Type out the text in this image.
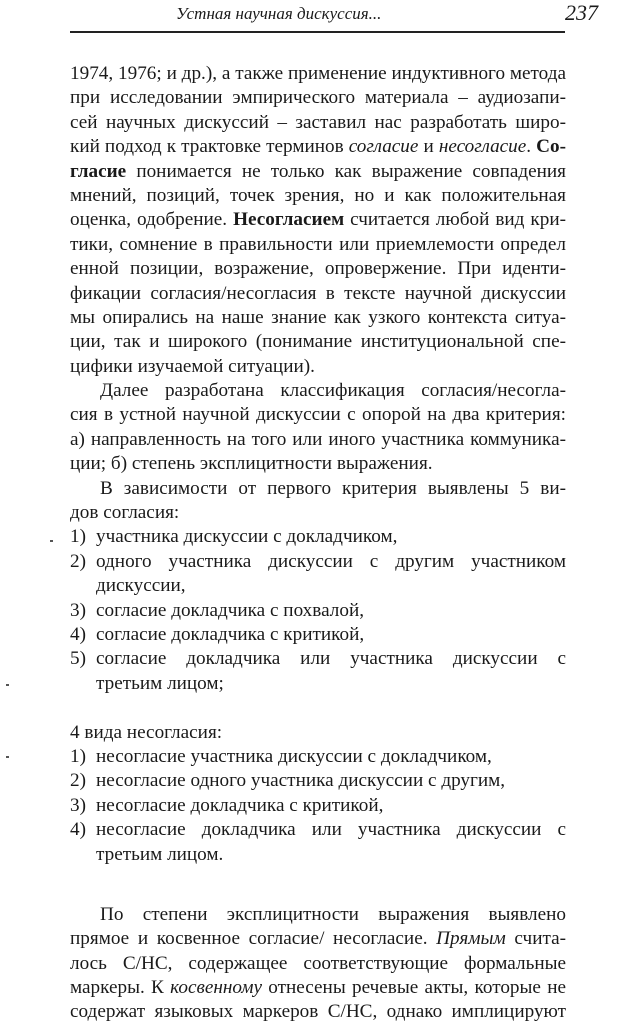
Устная научная дискуссия...	237
1974, 1976; и др.), а также применение индуктивного метода
при исследовании эмпирического материала – аудиозапи-
сей научных дискуссий – заставил нас разработать широ-
кий подход к трактовке терминов согласие и несогласие. Со-
гласие понимается не только как выражение совпадения
мнений, позиций, точек зрения, но и как положительная
оценка, одобрение. Несогласием считается любой вид кри-
тики, сомнение в правильности или приемлемости определ
енной позиции, возражение, опровержение. При иденти-
фикации согласия/несогласия в тексте научной дискуссии
мы опирались на наше знание как узкого контекста ситуа-
ции, так и широкого (понимание институциональной спе-
цифики изучаемой ситуации).
Далее разработана классификация согласия/несогла-
сия в устной научной дискуссии с опорой на два критерия:
а) направленность на того или иного участника коммуника-
ции; б) степень эксплицитности выражения.
В зависимости от первого критерия выявлены 5 ви-
дов согласия:
1) участника дискуссии с докладчиком,
2) одного участника дискуссии с другим участником
дискуссии,
3) согласие докладчика с похвалой,
4) согласие докладчика с критикой,
5) согласие докладчика или участника дискуссии с
третьим лицом;
4 вида несогласия:
1) несогласие участника дискуссии с докладчиком,
2) несогласие одного участника дискуссии с другим,
3) несогласие докладчика с критикой,
4) несогласие докладчика или участника дискуссии с
третьим лицом.
По степени эксплицитности выражения выявлено
прямое и косвенное согласие/ несогласие. Прямым счита-
лось С/НС, содержащее соответствующие формальные
маркеры. К косвенному отнесены речевые акты, которые не
содержат языковых маркеров С/НС, однако имплицируют
